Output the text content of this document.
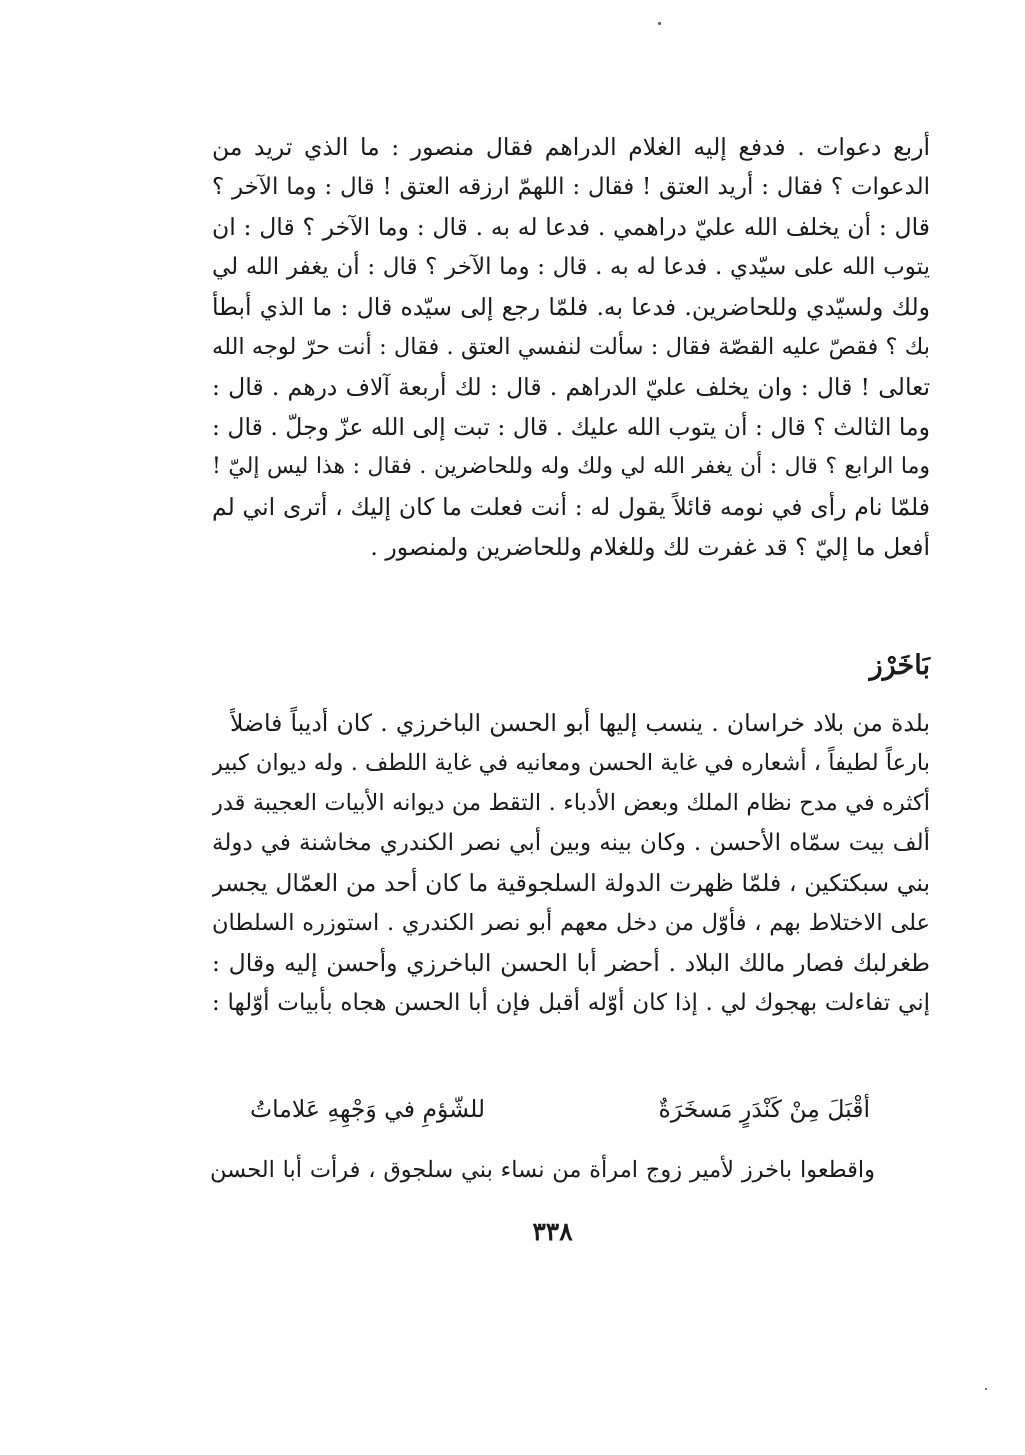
أربع دعوات . فدفع إليه الغلام الدراهم فقال منصور : ما الذي تريد من
الدعوات ؟ فقال : أريد العتق ! فقال : اللهمّ ارزقه العتق ! قال : وما الآخر ؟
قال : أن يخلف الله عليّ دراهمي . فدعا له به . قال : وما الآخر ؟ قال : ان
يتوب الله على سيّدي . فدعا له به . قال : وما الآخر ؟ قال : أن يغفر الله لي
ولك ولسيّدي وللحاضرين. فدعا به. فلمّا رجع إلى سيّده قال : ما الذي أبطأ
بك ؟ فقصّ عليه القصّة فقال : سألت لنفسي العتق . فقال : أنت حرّ لوجه الله
تعالى ! قال : وان يخلف عليّ الدراهم . قال : لك أربعة آلاف درهم . قال :
وما الثالث ؟ قال : أن يتوب الله عليك . قال : تبت إلى الله عزّ وجلّ . قال :
وما الرابع ؟ قال : أن يغفر الله لي ولك وله وللحاضرين . فقال : هذا ليس إليّ !
فلمّا نام رأى في نومه قائلاً يقول له : أنت فعلت ما كان إليك ، أترى اني لم
أفعل ما إليّ ؟ قد غفرت لك وللغلام وللحاضرين ولمنصور .
بَاخَرْز
بلدة من بلاد خراسان . ينسب إليها أبو الحسن الباخرزي . كان أديباً فاضلاً
بارعاً لطيفاً ، أشعاره في غاية الحسن ومعانيه في غاية اللطف . وله ديوان كبير
أكثره في مدح نظام الملك وبعض الأدباء . التقط من ديوانه الأبيات العجيبة قدر
ألف بيت سمّاه الأحسن . وكان بينه وبين أبي نصر الكندري مخاشنة في دولة
بني سبكتكين ، فلمّا ظهرت الدولة السلجوقية ما كان أحد من العمّال يجسر
على الاختلاط بهم ، فأوّل من دخل معهم أبو نصر الكندري . استوزره السلطان
طغرلبك فصار مالك البلاد . أحضر أبا الحسن الباخرزي وأحسن إليه وقال :
إني تفاءلت بهجوك لي . إذا كان أوّله أقبل فإن أبا الحسن هجاه بأبيات أوّلها :
أقْبَلَ مِنْ كَنْدَرٍ مَسخَرَةٌ
للشّؤمِ في وَجْهِهِ عَلاماتُ
واقطعوا باخرز لأمير زوج امرأة من نساء بني سلجوق ، فرأت أبا الحسن
٣٣٨
